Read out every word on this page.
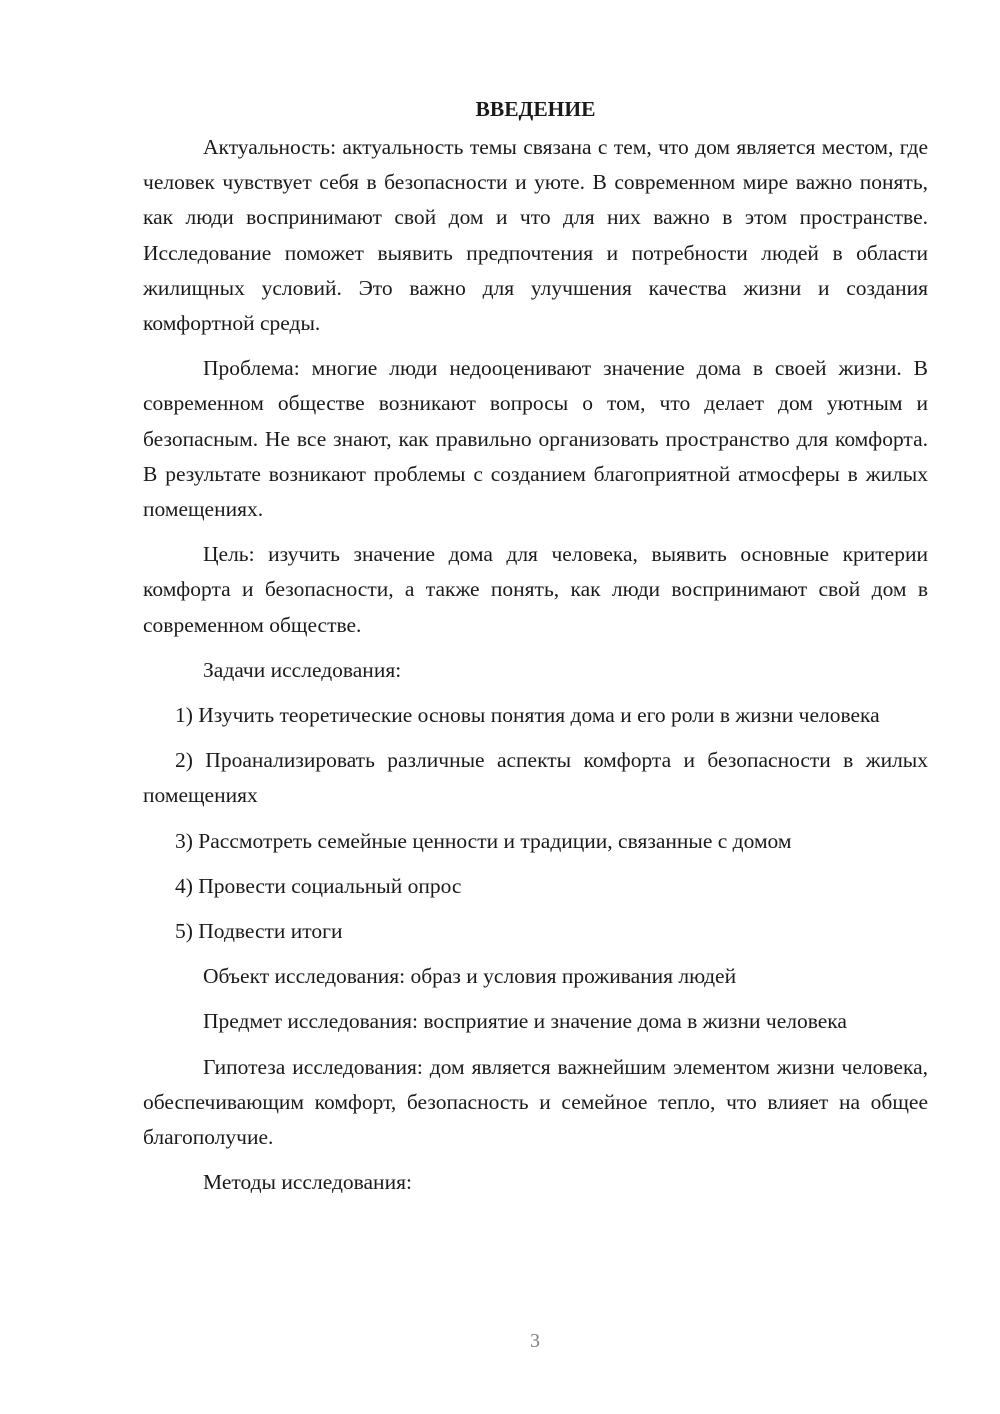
ВВЕДЕНИЕ

Актуальность: актуальность темы связана с тем, что дом является местом, где человек чувствует себя в безопасности и уюте. В современном мире важно понять, как люди воспринимают свой дом и что для них важно в этом пространстве. Исследование поможет выявить предпочтения и потребности людей в области жилищных условий. Это важно для улучшения качества жизни и создания комфортной среды.

Проблема: многие люди недооценивают значение дома в своей жизни. В современном обществе возникают вопросы о том, что делает дом уютным и безопасным. Не все знают, как правильно организовать пространство для комфорта. В результате возникают проблемы с созданием благоприятной атмосферы в жилых помещениях.

Цель: изучить значение дома для человека, выявить основные критерии комфорта и безопасности, а также понять, как люди воспринимают свой дом в современном обществе.

Задачи исследования:

1) Изучить теоретические основы понятия дома и его роли в жизни человека

2) Проанализировать различные аспекты комфорта и безопасности в жилых помещениях

3) Рассмотреть семейные ценности и традиции, связанные с домом

4) Провести социальный опрос

5) Подвести итоги

Объект исследования: образ и условия проживания людей

Предмет исследования: восприятие и значение дома в жизни человека

Гипотеза исследования: дом является важнейшим элементом жизни человека, обеспечивающим комфорт, безопасность и семейное тепло, что влияет на общее благополучие.

Методы исследования:

3
